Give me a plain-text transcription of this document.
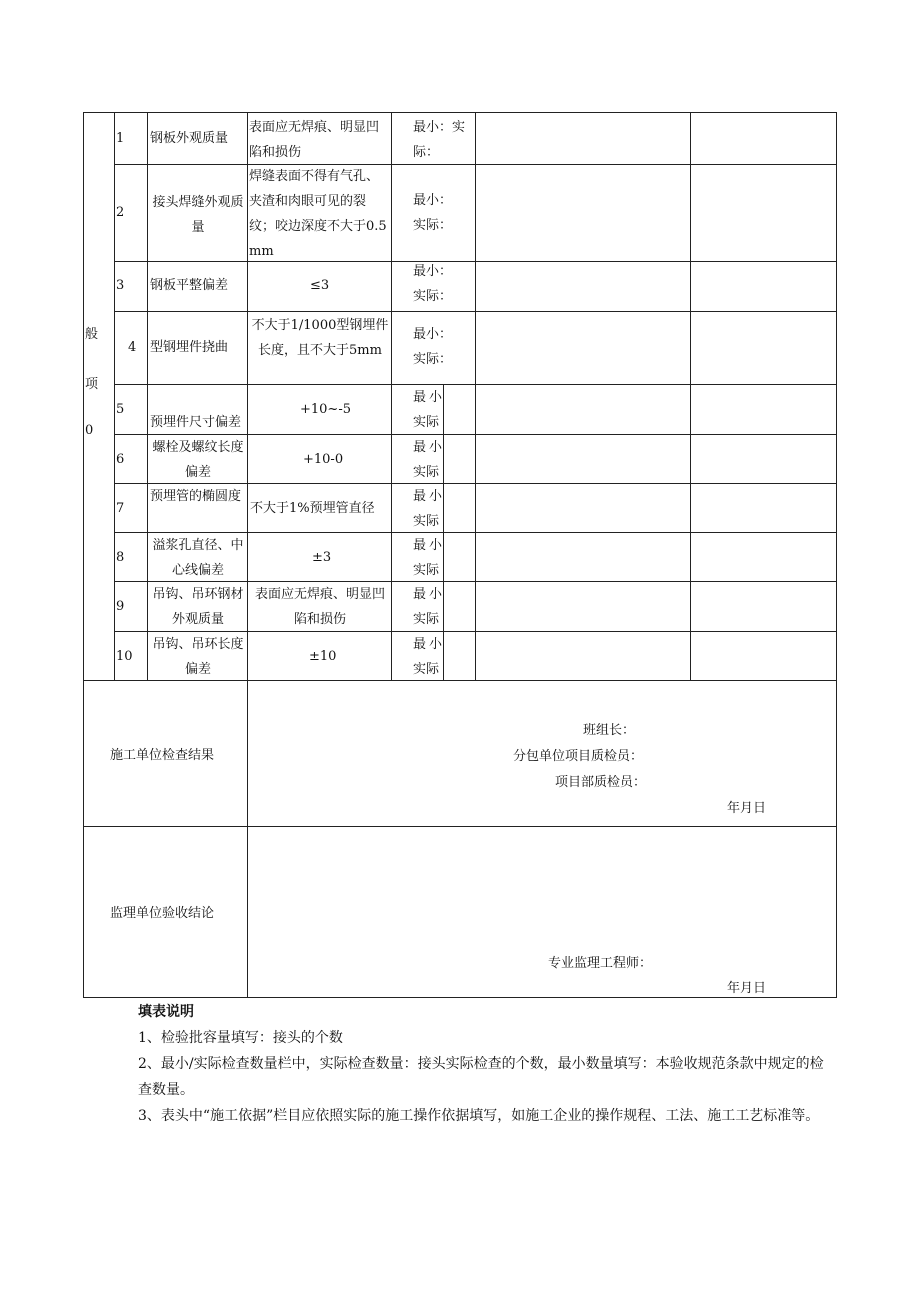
般
项
0
1 钢板外观质量
表面应无焊痕、明显凹陷和损伤
最小：实
际：
2
接头焊缝外观质量
焊缝表面不得有气孔、夹渣和肉眼可见的裂纹；咬边深度不大于0.5mm
最小：
实际：
3 钢板平整偏差	≤3
最小：
实际：
4 型钢埋件挠曲
不大于1/1000型钢埋件长度，且不大于5mm
最小：
实际：
5
预埋件尺寸偏差
+10~-5
最小
实际
6
螺栓及螺纹长度偏差
+10-0
最小
实际
7
预埋管的椭圆度
不大于1%预埋管直径
最小
实际
8
溢浆孔直径、中心线偏差
±3
最小
实际
9
吊钩、吊环钢材外观质量
表面应无焊痕、明显凹陷和损伤
最小
实际
10
吊钩、吊环长度偏差
±10
最小
实际
施工单位检查结果
班组长：
分包单位项目质检员：
项目部质检员：
年月日
监理单位验收结论
专业监理工程师：
年月日
填表说明
1、检验批容量填写：接头的个数
2、最小/实际检查数量栏中，实际检查数量：接头实际检查的个数，最小数量填写：本验收规范条款中规定的检查数量。
3、表头中“施工依据”栏目应依照实际的施工操作依据填写，如施工企业的操作规程、工法、施工工艺标准等。
